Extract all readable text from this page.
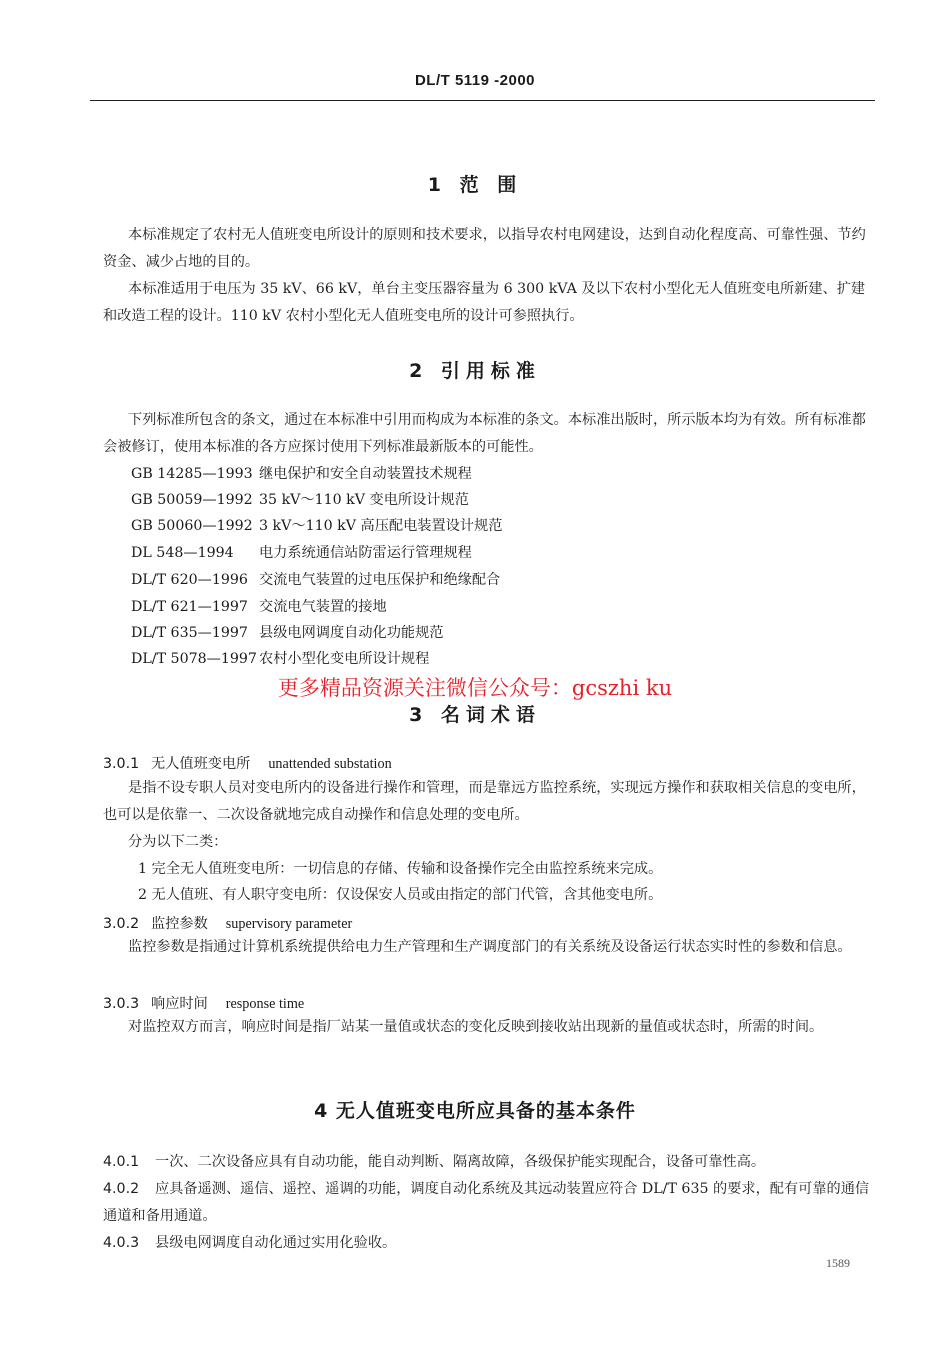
DL/T 5119 -2000
1 范 围
本标准规定了农村无人值班变电所设计的原则和技术要求，以指导农村电网建设，达到自动化程度高、可靠性强、节约资金、减少占地的目的。
本标准适用于电压为 35 kV、66 kV，单台主变压器容量为 6 300 kVA 及以下农村小型化无人值班变电所新建、扩建和改造工程的设计。110 kV 农村小型化无人值班变电所的设计可参照执行。
2 引用标准
下列标准所包含的条文，通过在本标准中引用而构成为本标准的条文。本标准出版时，所示版本均为有效。所有标准都会被修订，使用本标准的各方应探讨使用下列标准最新版本的可能性。
GB 14285—1993 继电保护和安全自动装置技术规程
GB 50059—1992 35 kV～110 kV 变电所设计规范
GB 50060—1992 3 kV～110 kV 高压配电装置设计规范
DL 548—1994 电力系统通信站防雷运行管理规程
DL/T 620—1996 交流电气装置的过电压保护和绝缘配合
DL/T 621—1997 交流电气装置的接地
DL/T 635—1997 县级电网调度自动化功能规范
DL/T 5078—1997 农村小型化变电所设计规程
更多精品资源关注微信公众号：gcszhi ku
3 名词术语
3.0.1 无人值班变电所 unattended substation
是指不设专职人员对变电所内的设备进行操作和管理，而是靠远方监控系统，实现远方操作和获取相关信息的变电所，也可以是依靠一、二次设备就地完成自动操作和信息处理的变电所。
分为以下二类：
1 完全无人值班变电所：一切信息的存储、传输和设备操作完全由监控系统来完成。
2 无人值班、有人职守变电所：仅设保安人员或由指定的部门代管，含其他变电所。
3.0.2 监控参数 supervisory parameter
监控参数是指通过计算机系统提供给电力生产管理和生产调度部门的有关系统及设备运行状态实时性的参数和信息。
3.0.3 响应时间 response time
对监控双方而言，响应时间是指厂站某一量值或状态的变化反映到接收站出现新的量值或状态时，所需的时间。
4 无人值班变电所应具备的基本条件
4.0.1 一次、二次设备应具有自动功能，能自动判断、隔离故障，各级保护能实现配合，设备可靠性高。
4.0.2 应具备遥测、遥信、遥控、遥调的功能，调度自动化系统及其远动装置应符合 DL/T 635 的要求，配有可靠的通信通道和备用通道。
4.0.3 县级电网调度自动化通过实用化验收。
1589
